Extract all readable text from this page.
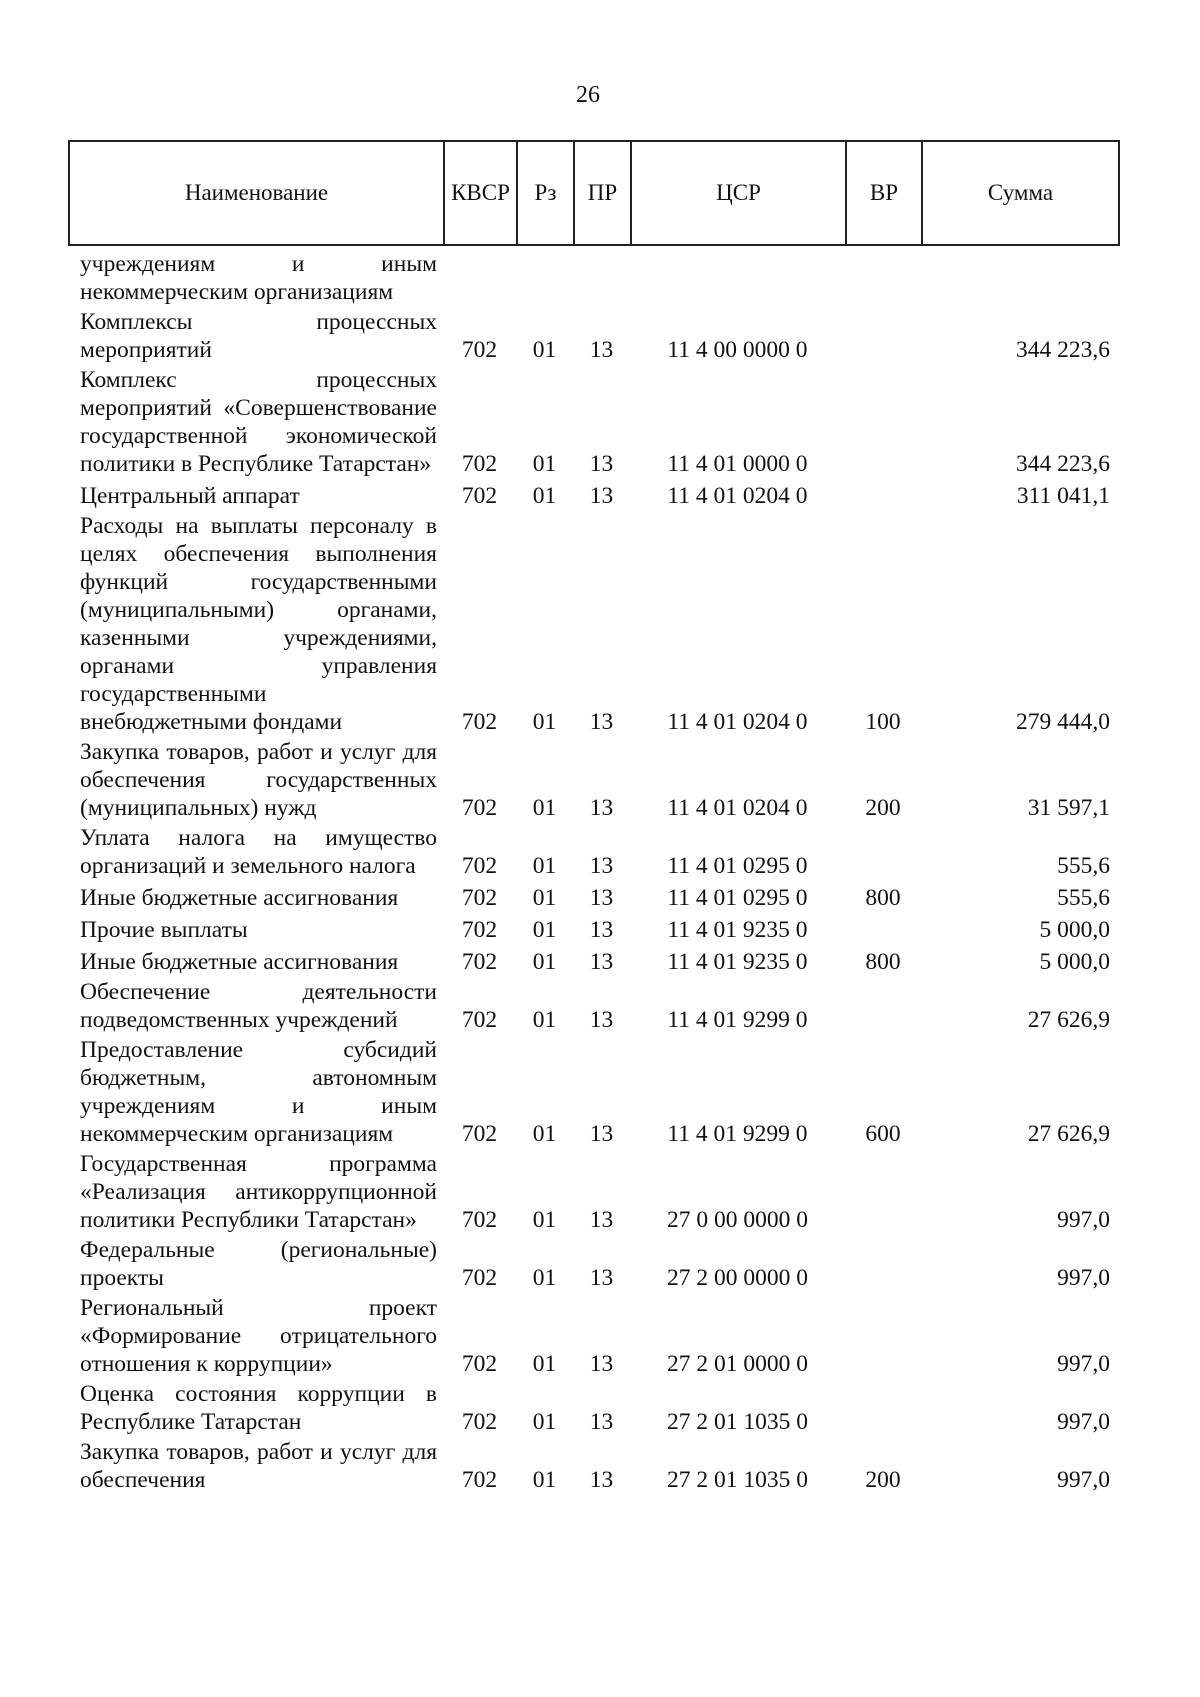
26
Наименование	КВСР	Рз	ПР	ЦСР	ВР	Сумма
учреждениям и иным некоммерческим организациям						
Комплексы процессных мероприятий	702	01	13	11 4 00 0000 0		344 223,6
Комплекс процессных мероприятий «Совершенствование государственной экономической политики в Республике Татарстан»	702	01	13	11 4 01 0000 0		344 223,6
Центральный аппарат	702	01	13	11 4 01 0204 0		311 041,1
Расходы на выплаты персоналу в целях обеспечения выполнения функций государственными (муниципальными) органами, казенными учреждениями, органами управления государственными внебюджетными фондами	702	01	13	11 4 01 0204 0	100	279 444,0
Закупка товаров, работ и услуг для обеспечения государственных (муниципальных) нужд	702	01	13	11 4 01 0204 0	200	31 597,1
Уплата налога на имущество организаций и земельного налога	702	01	13	11 4 01 0295 0		555,6
Иные бюджетные ассигнования	702	01	13	11 4 01 0295 0	800	555,6
Прочие выплаты	702	01	13	11 4 01 9235 0		5 000,0
Иные бюджетные ассигнования	702	01	13	11 4 01 9235 0	800	5 000,0
Обеспечение деятельности подведомственных учреждений	702	01	13	11 4 01 9299 0		27 626,9
Предоставление субсидий бюджетным, автономным учреждениям и иным некоммерческим организациям	702	01	13	11 4 01 9299 0	600	27 626,9
Государственная программа «Реализация антикоррупционной политики Республики Татарстан»	702	01	13	27 0 00 0000 0		997,0
Федеральные (региональные) проекты	702	01	13	27 2 00 0000 0		997,0
Региональный проект «Формирование отрицательного отношения к коррупции»	702	01	13	27 2 01 0000 0		997,0
Оценка состояния коррупции в Республике Татарстан	702	01	13	27 2 01 1035 0		997,0
Закупка товаров, работ и услуг для обеспечения	702	01	13	27 2 01 1035 0	200	997,0
